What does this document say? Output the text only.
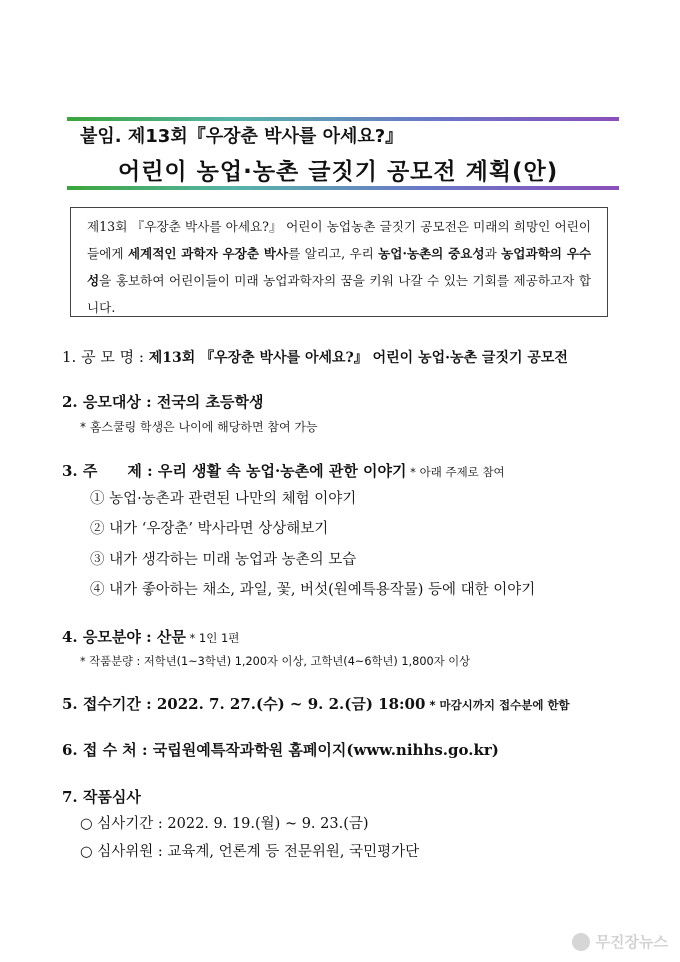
붙임. 제13회『우장춘 박사를 아세요?』
어린이 농업·농촌 글짓기 공모전 계획(안)
제13회 『우장춘 박사를 아세요?』 어린이 농업농촌 글짓기 공모전은 미래의 희망인 어린이들에게 세계적인 과학자 우장춘 박사를 알리고, 우리 농업·농촌의 중요성과 농업과학의 우수성을 홍보하여 어린이들이 미래 농업과학자의 꿈을 키워 나갈 수 있는 기회를 제공하고자 합니다.
1. 공 모 명 : 제13회 『우장춘 박사를 아세요?』 어린이 농업·농촌 글짓기 공모전
2. 응모대상 : 전국의 초등학생
* 홈스쿨링 학생은 나이에 해당하면 참여 가능
3. 주　　제 : 우리 생활 속 농업·농촌에 관한 이야기 * 아래 주제로 참여
① 농업·농촌과 관련된 나만의 체험 이야기
② 내가 ‘우장춘’ 박사라면 상상해보기
③ 내가 생각하는 미래 농업과 농촌의 모습
④ 내가 좋아하는 채소, 과일, 꽃, 버섯(원예특용작물) 등에 대한 이야기
4. 응모분야 : 산문 * 1인 1편
* 작품분량 : 저학년(1~3학년) 1,200자 이상, 고학년(4~6학년) 1,800자 이상
5. 접수기간 : 2022. 7. 27.(수) ~ 9. 2.(금) 18:00 * 마감시까지 접수분에 한함
6. 접 수 처 : 국립원예특작과학원 홈페이지(www.nihhs.go.kr)
7. 작품심사
○ 심사기간 : 2022. 9. 19.(월) ~ 9. 23.(금)
○ 심사위원 : 교육계, 언론계 등 전문위원, 국민평가단
무진장뉴스
